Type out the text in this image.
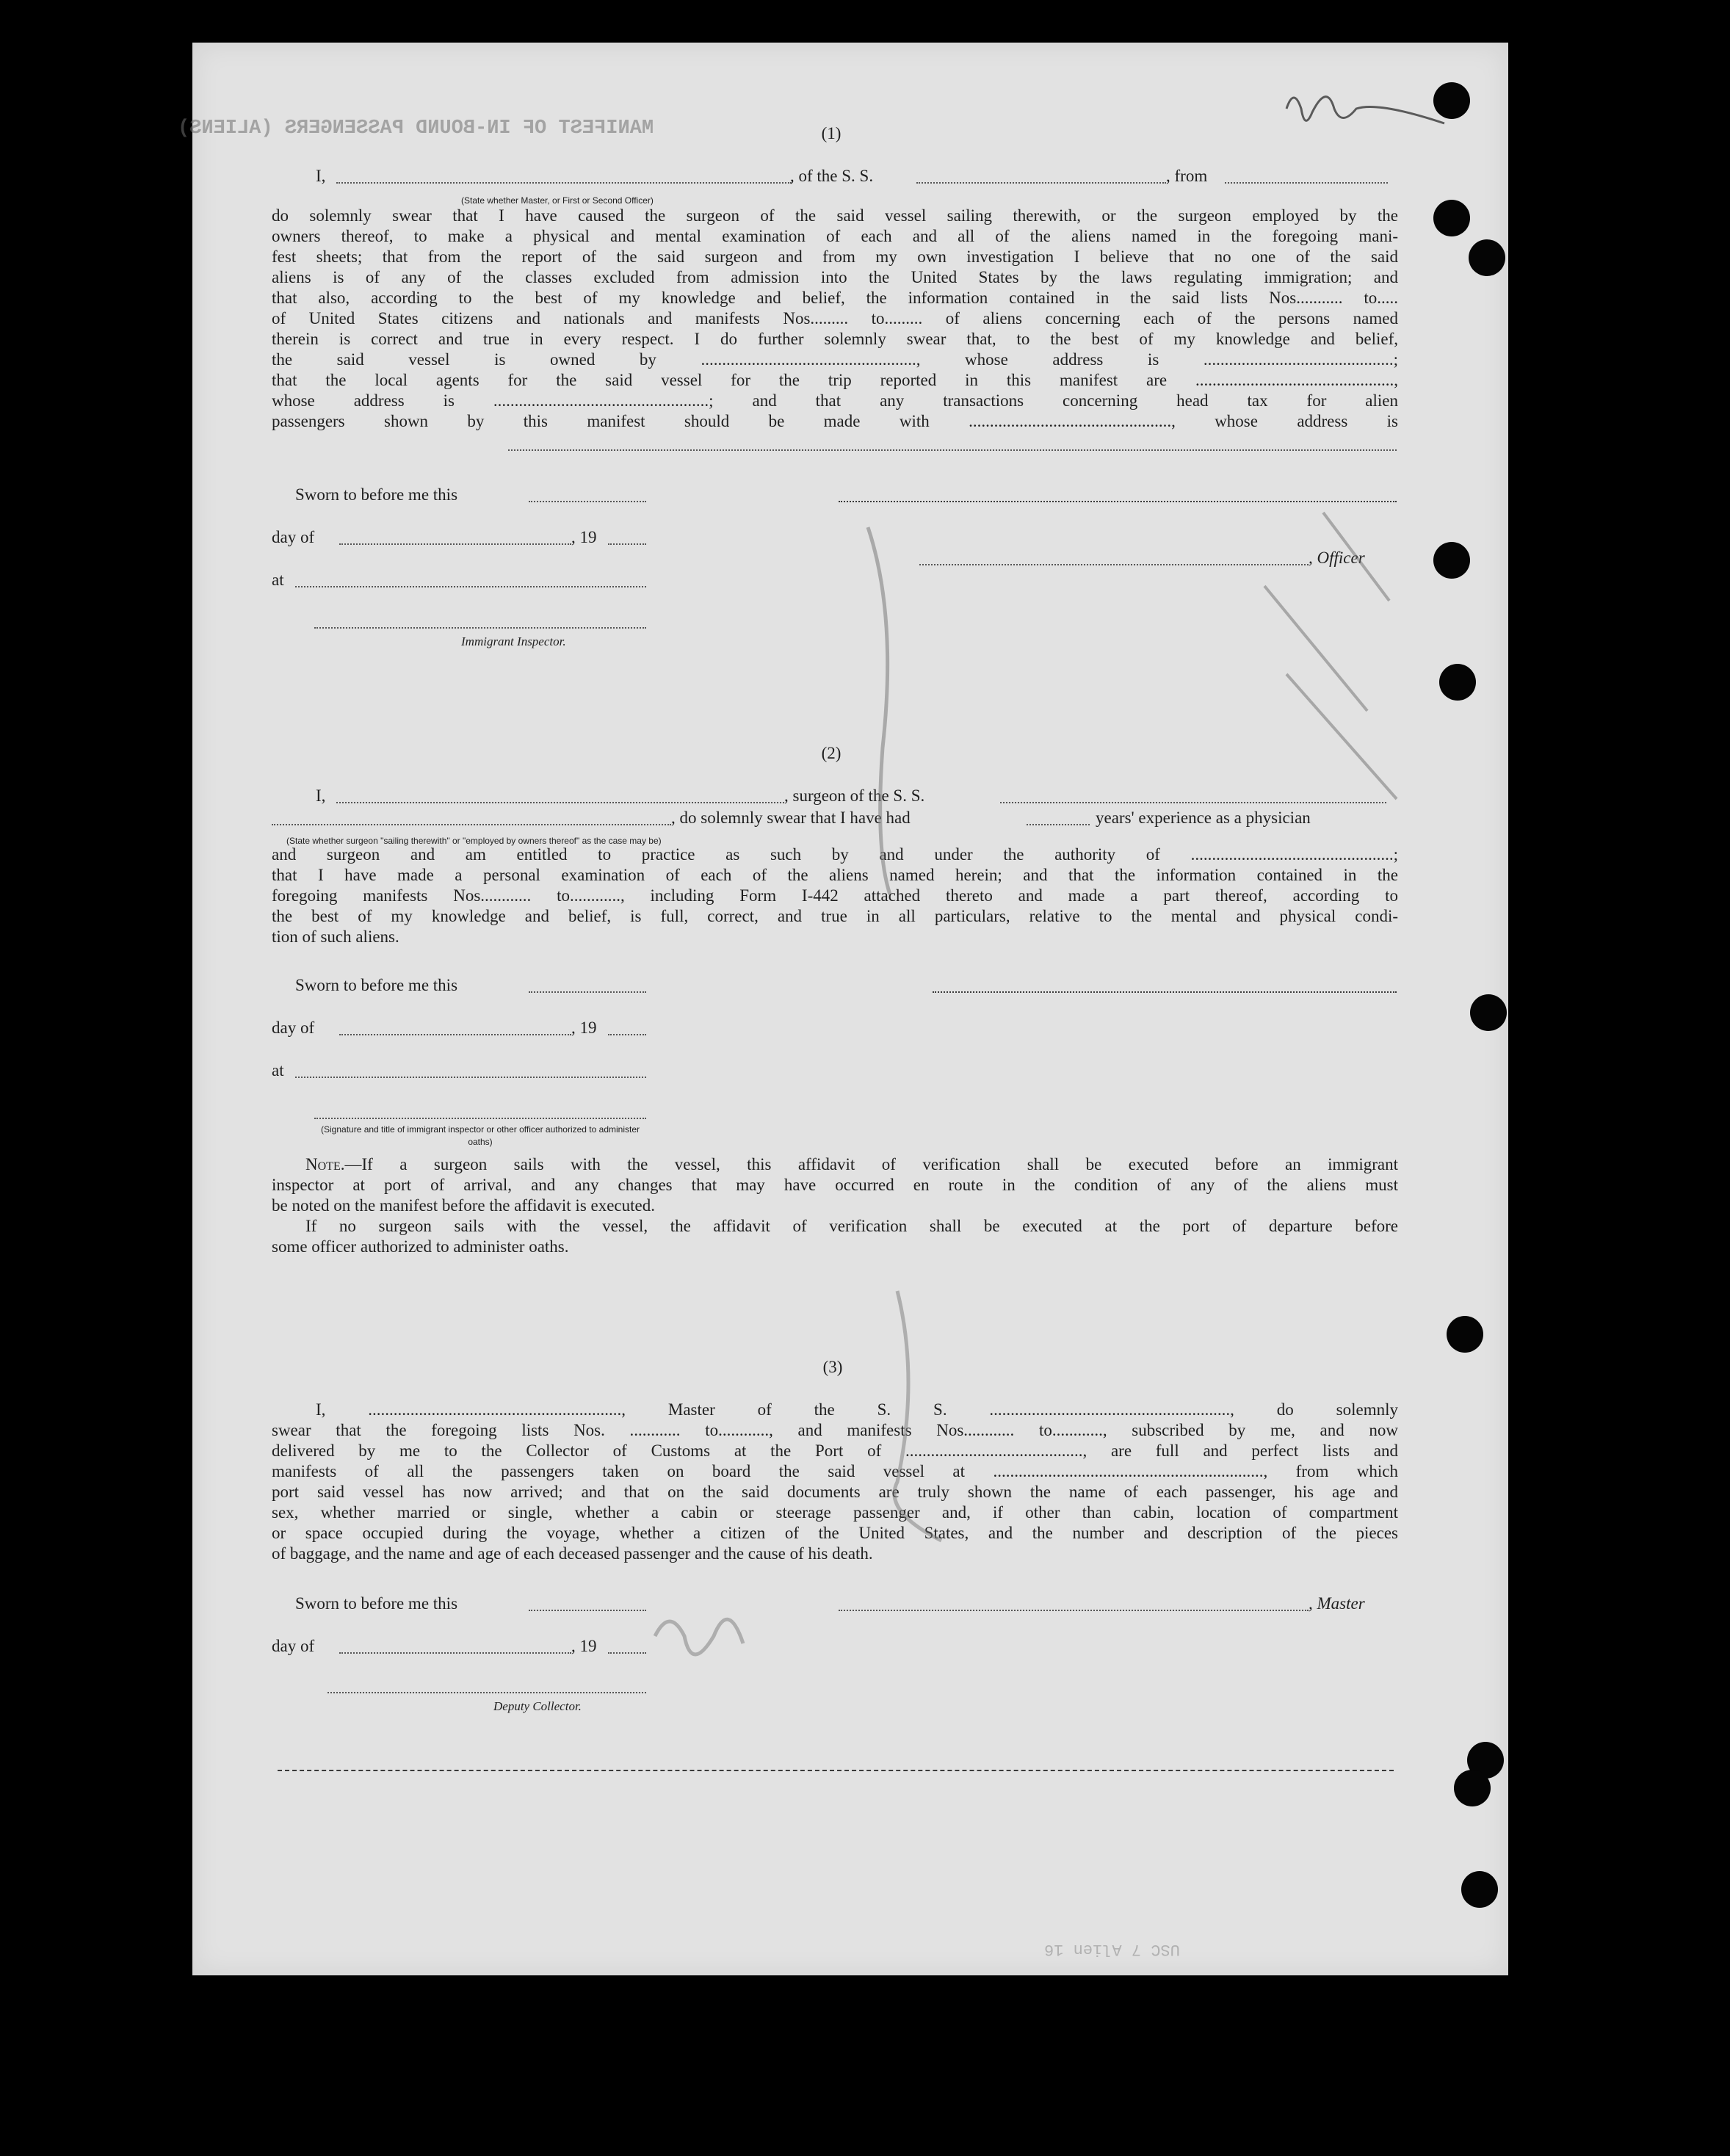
MANIFEST OF IN-BOUND PASSENGERS (ALIENS)
USC 7 Alien 16
(1)
I,	, of the S. S.	, from
(State whether Master, or First or Second Officer)
do solemnly swear that I have caused the surgeon of the said vessel sailing therewith, or the surgeon employed by the
owners thereof, to make a physical and mental examination of each and all of the aliens named in the foregoing mani-
fest sheets; that from the report of the said surgeon and from my own investigation I believe that no one of the said
aliens is of any of the classes excluded from admission into the United States by the laws regulating immigration; and
that also, according to the best of my knowledge and belief, the information contained in the said lists Nos........... to.....
of United States citizens and nationals and manifests Nos......... to......... of aliens concerning each of the persons named
therein is correct and true in every respect. I do further solemnly swear that, to the best of my knowledge and belief,
the said vessel is owned by ..................................................., whose address is .............................................;
that the local agents for the said vessel for the trip reported in this manifest are ...............................................,
whose address is ...................................................; and that any transactions concerning head tax for alien
passengers shown by this manifest should be made with ................................................, whose address is
Sworn to before me this
day of	, 19
, Officer
at
Immigrant Inspector.
(2)
I,	, surgeon of the S. S.
, do solemnly swear that I have had	years' experience as a physician
(State whether surgeon "sailing therewith" or "employed by owners thereof" as the case may be)
and surgeon and am entitled to practice as such by and under the authority of ................................................;
that I have made a personal examination of each of the aliens named herein; and that the information contained in the
foregoing manifests Nos............ to............, including Form I-442 attached thereto and made a part thereof, according to
the best of my knowledge and belief, is full, correct, and true in all particulars, relative to the mental and physical condi-
tion of such aliens.
Sworn to before me this
day of	, 19
at
(Signature and title of immigrant inspector or other officer authorized to administer oaths)
Note.—If a surgeon sails with the vessel, this affidavit of verification shall be executed before an immigrant
inspector at port of arrival, and any changes that may have occurred en route in the condition of any of the aliens must
be noted on the manifest before the affidavit is executed.
If no surgeon sails with the vessel, the affidavit of verification shall be executed at the port of departure before
some officer authorized to administer oaths.
(3)
I, ............................................................, Master of the S. S. ........................................................., do solemnly
swear that the foregoing lists Nos. ............ to............, and manifests Nos............ to............, subscribed by me, and now
delivered by me to the Collector of Customs at the Port of .........................................., are full and perfect lists and
manifests of all the passengers taken on board the said vessel at ................................................................, from which
port said vessel has now arrived; and that on the said documents are truly shown the name of each passenger, his age and
sex, whether married or single, whether a cabin or steerage passenger and, if other than cabin, location of compartment
or space occupied during the voyage, whether a citizen of the United States, and the number and description of the pieces
of baggage, and the name and age of each deceased passenger and the cause of his death.
Sworn to before me this	, Master
day of	, 19
Deputy Collector.
